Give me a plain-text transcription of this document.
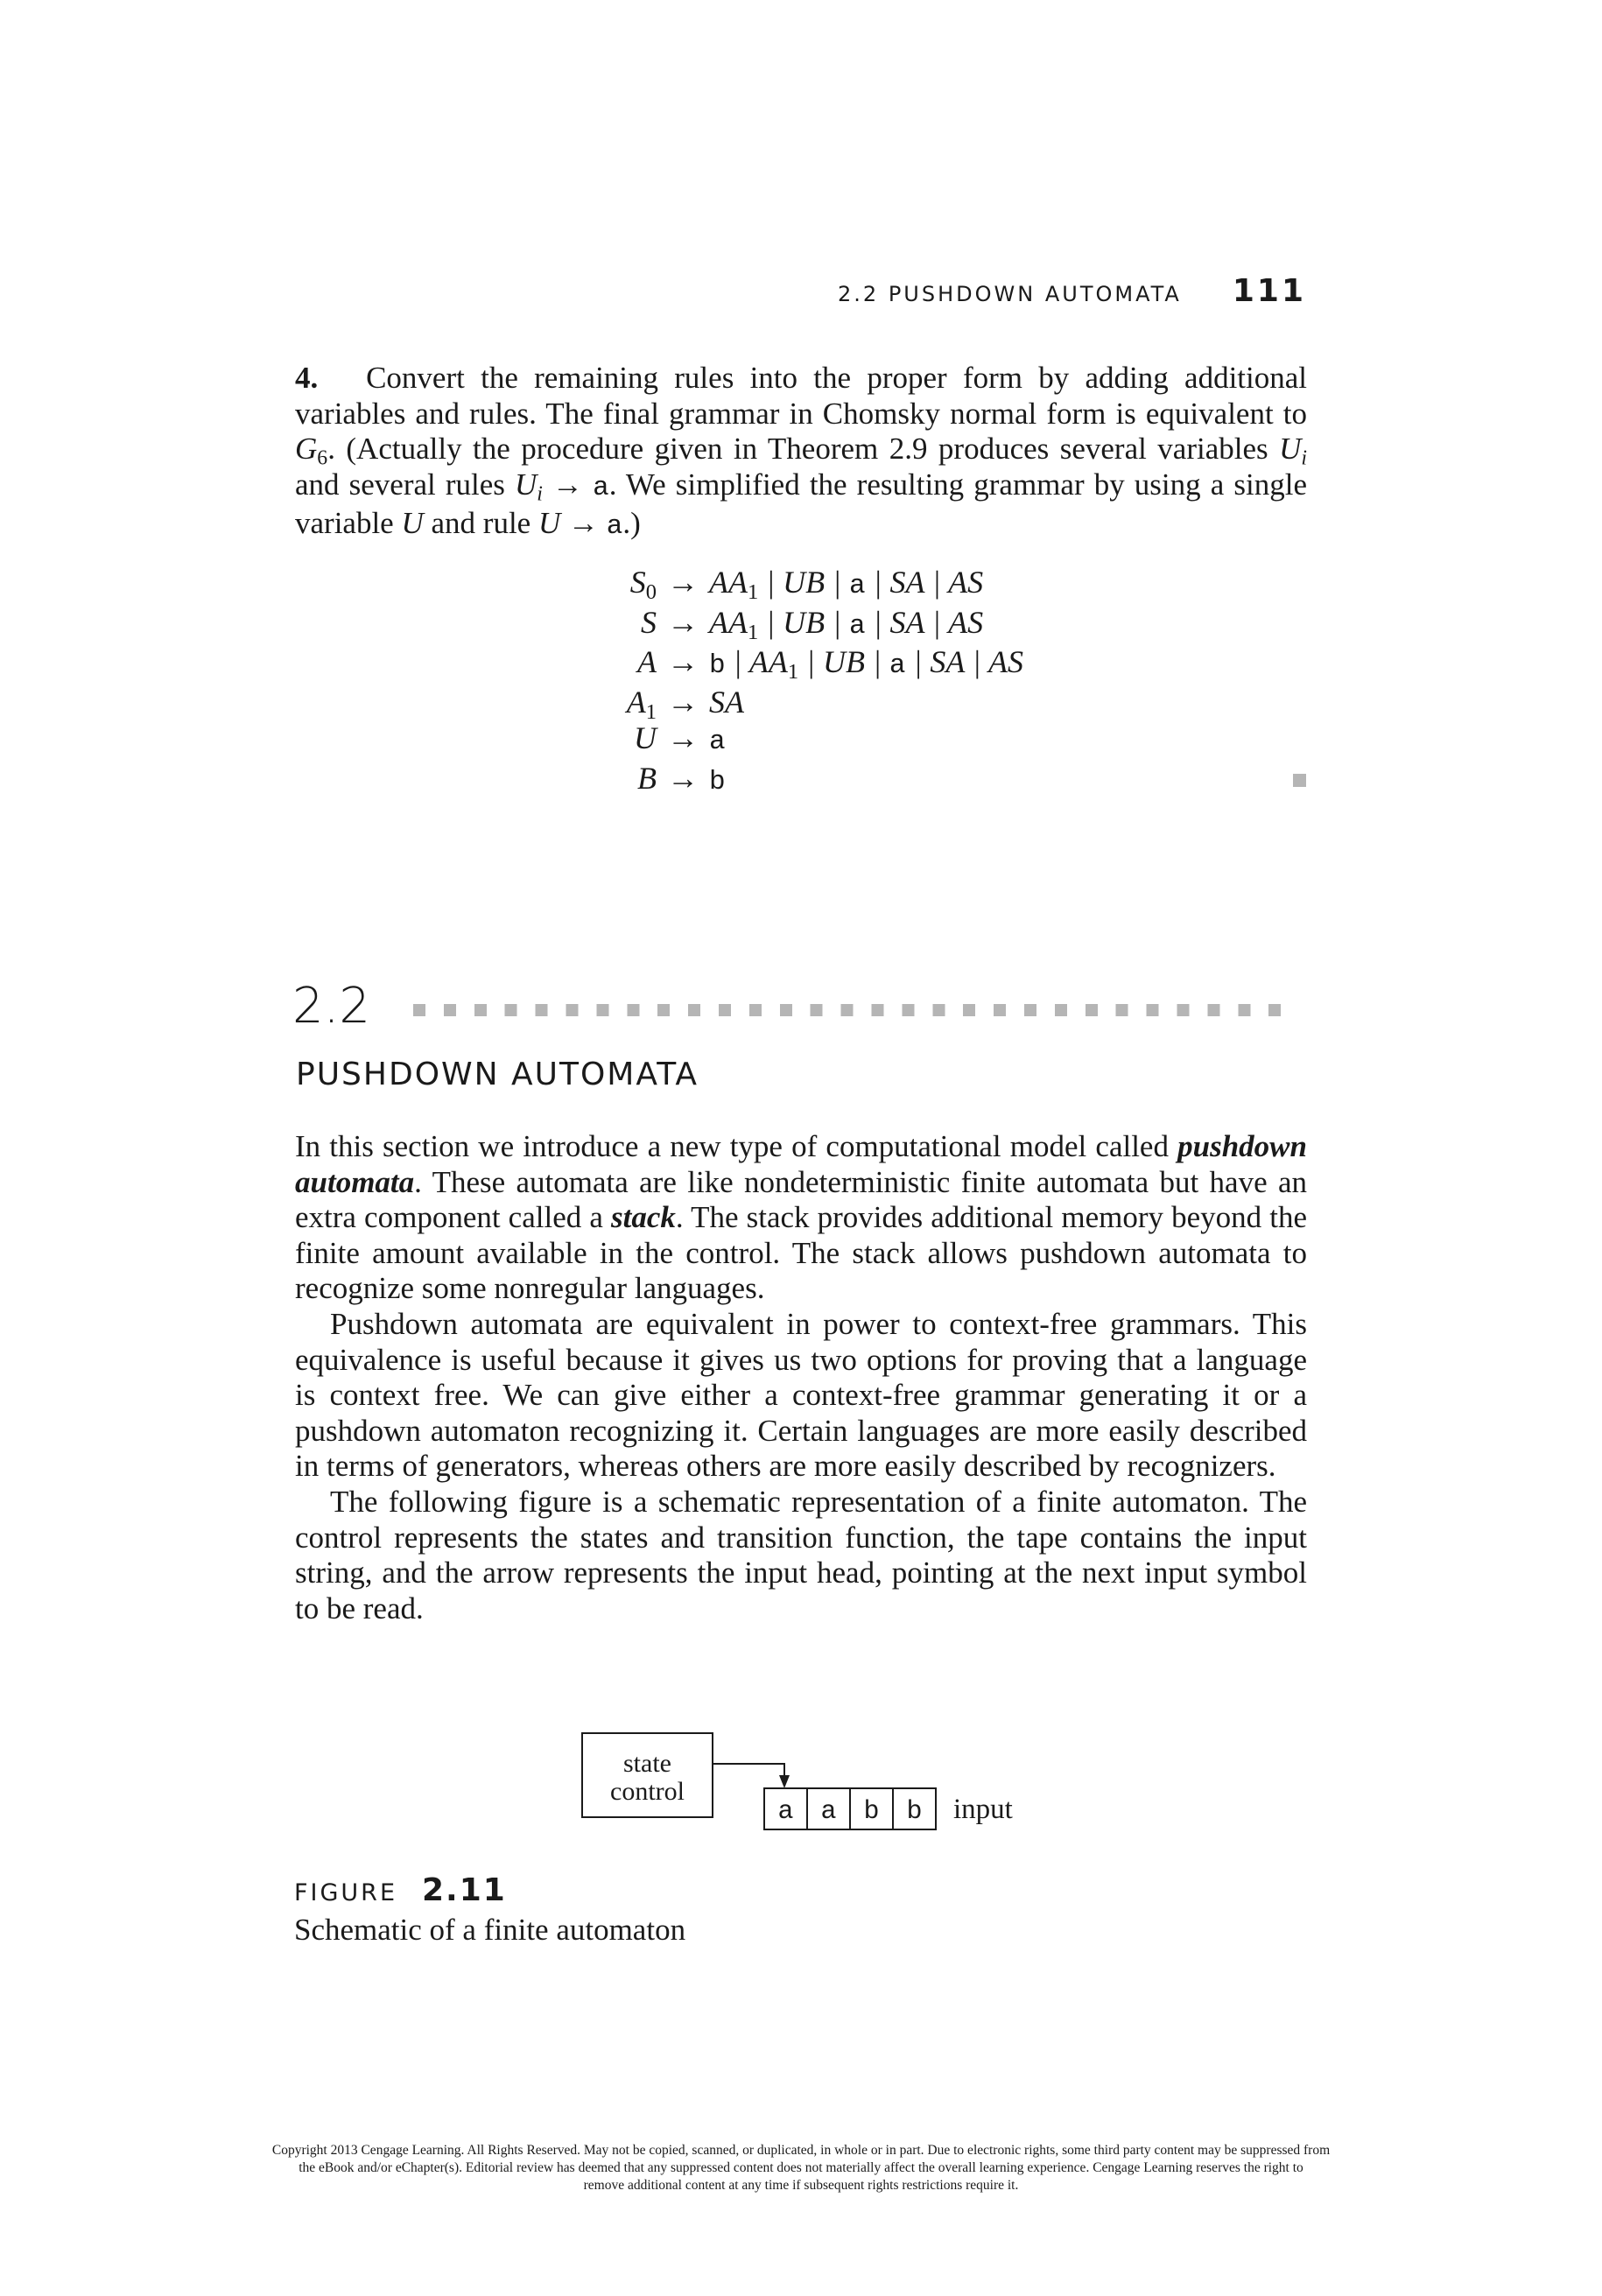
2.2 PUSHDOWN AUTOMATA 111
4. Convert the remaining rules into the proper form by adding additional variables and rules. The final grammar in Chomsky normal form is equivalent to $G_6$. (Actually the procedure given in Theorem 2.9 produces several variables $U_i$ and several rules $U_i \to a$. We simplified the resulting grammar by using a single variable U and rule U → a.)
$S_0 \to AA_1$ | UB | a | SA | AS
$S \to AA_1$ | UB | a | SA | AS
A → b | $AA_1$ | UB | a | SA | AS
$A_1$ → SA
U → a
B → b
2.2
PUSHDOWN AUTOMATA
In this section we introduce a new type of computational model called pushdown automata. These automata are like nondeterministic finite automata but have an extra component called a stack. The stack provides additional memory beyond the finite amount available in the control. The stack allows pushdown automata to recognize some nonregular languages.
Pushdown automata are equivalent in power to context-free grammars. This equivalence is useful because it gives us two options for proving that a language is context free. We can give either a context-free grammar generating it or a pushdown automaton recognizing it. Certain languages are more easily described in terms of generators, whereas others are more easily described by recognizers.
The following figure is a schematic representation of a finite automaton. The control represents the states and transition function, the tape contains the input string, and the arrow represents the input head, pointing at the next input symbol to be read.
state
control
a a b b input
FIGURE 2.11
Schematic of a finite automaton
Copyright 2013 Cengage Learning. All Rights Reserved. May not be copied, scanned, or duplicated, in whole or in part. Due to electronic rights, some third party content may be suppressed from
the eBook and/or eChapter(s). Editorial review has deemed that any suppressed content does not materially affect the overall learning experience. Cengage Learning reserves the right to
remove additional content at any time if subsequent rights restrictions require it.
